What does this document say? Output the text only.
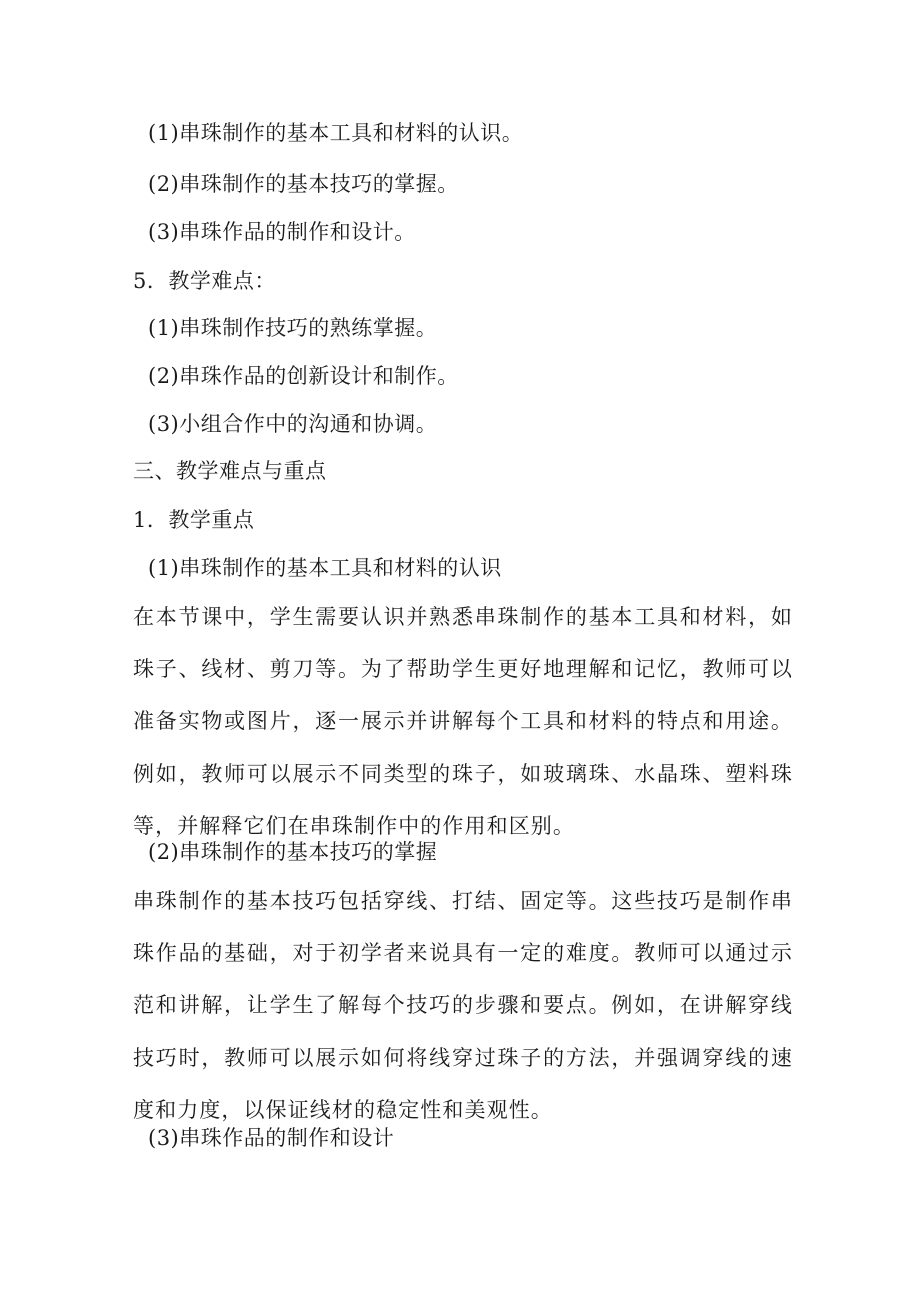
(1)串珠制作的基本工具和材料的认识。
(2)串珠制作的基本技巧的掌握。
(3)串珠作品的制作和设计。
5．教学难点：
(1)串珠制作技巧的熟练掌握。
(2)串珠作品的创新设计和制作。
(3)小组合作中的沟通和协调。
三、教学难点与重点
1．教学重点
(1)串珠制作的基本工具和材料的认识

在本节课中，学生需要认识并熟悉串珠制作的基本工具和材料，如珠子、线材、剪刀等。为了帮助学生更好地理解和记忆，教师可以准备实物或图片，逐一展示并讲解每个工具和材料的特点和用途。例如，教师可以展示不同类型的珠子，如玻璃珠、水晶珠、塑料珠等，并解释它们在串珠制作中的作用和区别。

(2)串珠制作的基本技巧的掌握

串珠制作的基本技巧包括穿线、打结、固定等。这些技巧是制作串珠作品的基础，对于初学者来说具有一定的难度。教师可以通过示范和讲解，让学生了解每个技巧的步骤和要点。例如，在讲解穿线技巧时，教师可以展示如何将线穿过珠子的方法，并强调穿线的速度和力度，以保证线材的稳定性和美观性。

(3)串珠作品的制作和设计
